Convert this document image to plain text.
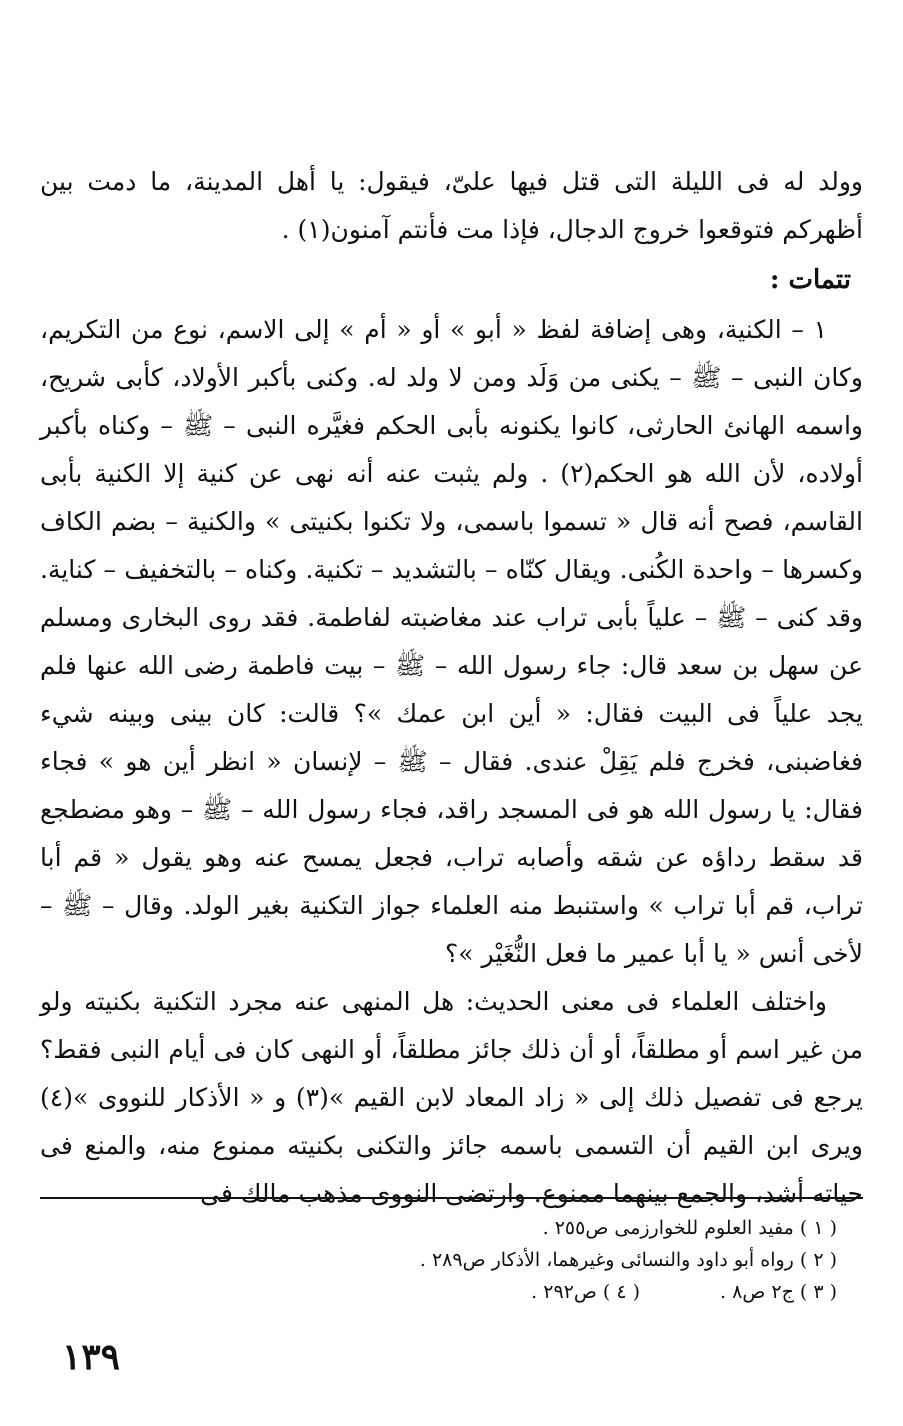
وولد له فى الليلة التى قتل فيها علىّ، فيقول: يا أهل المدينة، ما دمت بين أظهركم فتوقعوا خروج الدجال، فإذا مت فأنتم آمنون(١) .

تتمات :

١ – الكنية، وهى إضافة لفظ « أبو » أو « أم » إلى الاسم، نوع من التكريم، وكان النبى – ﷺ – يكنى من وَلَد ومن لا ولد له. وكنى بأكبر الأولاد، كأبى شريح، واسمه الهانئ الحارثى، كانوا يكنونه بأبى الحكم فغيَّره النبى – ﷺ – وكناه بأكبر أولاده، لأن الله هو الحكم(٢) . ولم يثبت عنه أنه نهى عن كنية إلا الكنية بأبى القاسم، فصح أنه قال « تسموا باسمى، ولا تكنوا بكنيتى » والكنية – بضم الكاف وكسرها – واحدة الكُنى. ويقال كنّاه – بالتشديد – تكنية. وكناه – بالتخفيف – كناية. وقد كنى – ﷺ – علياً بأبى تراب عند مغاضبته لفاطمة. فقد روى البخارى ومسلم عن سهل بن سعد قال: جاء رسول الله – ﷺ – بيت فاطمة رضى الله عنها فلم يجد علياً فى البيت فقال: « أين ابن عمك »؟ قالت: كان بينى وبينه شيء فغاضبنى، فخرج فلم يَقِلْ عندى. فقال – ﷺ – لإنسان « انظر أين هو » فجاء فقال: يا رسول الله هو فى المسجد راقد، فجاء رسول الله – ﷺ – وهو مضطجع قد سقط رداؤه عن شقه وأصابه تراب، فجعل يمسح عنه وهو يقول « قم أبا تراب، قم أبا تراب » واستنبط منه العلماء جواز التكنية بغير الولد. وقال – ﷺ – لأخى أنس « يا أبا عمير ما فعل النُّغَيْر »؟

واختلف العلماء فى معنى الحديث: هل المنهى عنه مجرد التكنية بكنيته ولو من غير اسم أو مطلقاً، أو أن ذلك جائز مطلقاً، أو النهى كان فى أيام النبى فقط؟ يرجع فى تفصيل ذلك إلى « زاد المعاد لابن القيم »(٣) و « الأذكار للنووى »(٤) ويرى ابن القيم أن التسمى باسمه جائز والتكنى بكنيته ممنوع منه، والمنع فى حياته أشد، والجمع بينهما ممنوع. وارتضى النووى مذهب مالك فى

( ١ ) مفيد العلوم للخوارزمى ص٢٥٥ .

( ٢ ) رواه أبو داود والنسائى وغيرهما، الأذكار ص٢٨٩ .

( ٣ ) ج٢ ص٨ .

( ٤ ) ص٢٩٢ .

١٣٩
